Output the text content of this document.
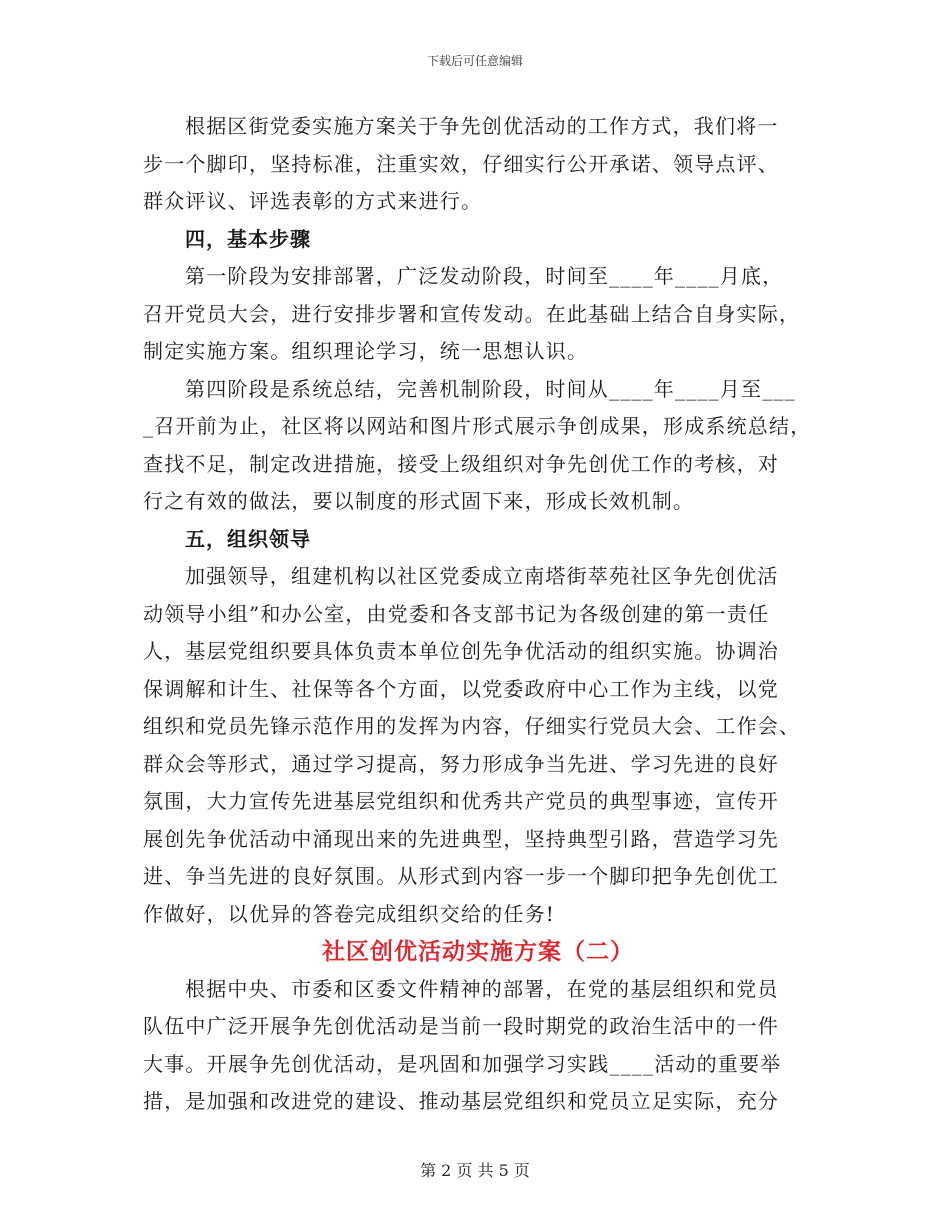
下载后可任意编辑
根据区街党委实施方案关于争先创优活动的工作方式，我们将一
步一个脚印，坚持标准，注重实效，仔细实行公开承诺、领导点评、
群众评议、评选表彰的方式来进行。
四，基本步骤
第一阶段为安排部署，广泛发动阶段，时间至____年____月底，
召开党员大会，进行安排步署和宣传发动。在此基础上结合自身实际，
制定实施方案。组织理论学习，统一思想认识。
第四阶段是系统总结，完善机制阶段，时间从____年____月至___
_召开前为止，社区将以网站和图片形式展示争创成果，形成系统总结，
查找不足，制定改进措施，接受上级组织对争先创优工作的考核，对
行之有效的做法，要以制度的形式固下来，形成长效机制。
五，组织领导
加强领导，组建机构以社区党委成立南塔街萃苑社区争先创优活
动领导小组”和办公室，由党委和各支部书记为各级创建的第一责任
人，基层党组织要具体负责本单位创先争优活动的组织实施。协调治
保调解和计生、社保等各个方面，以党委政府中心工作为主线，以党
组织和党员先锋示范作用的发挥为内容，仔细实行党员大会、工作会、
群众会等形式，通过学习提高，努力形成争当先进、学习先进的良好
氛围，大力宣传先进基层党组织和优秀共产党员的典型事迹，宣传开
展创先争优活动中涌现出来的先进典型，坚持典型引路，营造学习先
进、争当先进的良好氛围。从形式到内容一步一个脚印把争先创优工
作做好，以优异的答卷完成组织交给的任务!
社区创优活动实施方案（二）
根据中央、市委和区委文件精神的部署，在党的基层组织和党员
队伍中广泛开展争先创优活动是当前一段时期党的政治生活中的一件
大事。开展争先创优活动，是巩固和加强学习实践____活动的重要举
措，是加强和改进党的建设、推动基层党组织和党员立足实际，充分
第 2 页 共 5 页
